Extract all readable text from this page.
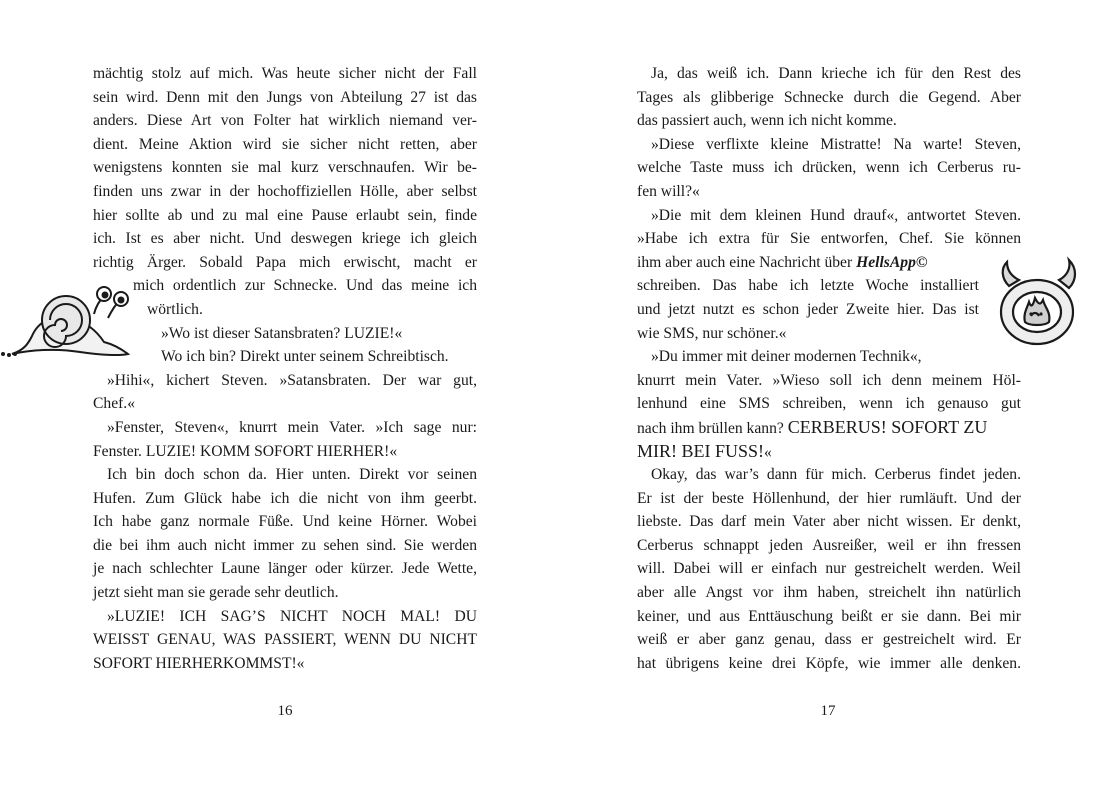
mächtig stolz auf mich. Was heute sicher nicht der Fall
sein wird. Denn mit den Jungs von Abteilung 27 ist das
anders. Diese Art von Folter hat wirklich niemand ver-
dient. Meine Aktion wird sie sicher nicht retten, aber
wenigstens konnten sie mal kurz verschnaufen. Wir be-
finden uns zwar in der hochoffiziellen Hölle, aber selbst
hier sollte ab und zu mal eine Pause erlaubt sein, finde
ich. Ist es aber nicht. Und deswegen kriege ich gleich
richtig Ärger. Sobald Papa mich erwischt, macht er
mich ordentlich zur Schnecke. Und das meine ich
wörtlich.
»Wo ist dieser Satansbraten? LUZIE!«
Wo ich bin? Direkt unter seinem Schreibtisch.
»Hihi«, kichert Steven. »Satansbraten. Der war gut,
Chef.«
»Fenster, Steven«, knurrt mein Vater. »Ich sage nur:
Fenster. LUZIE! KOMM SOFORT HIERHER!«
Ich bin doch schon da. Hier unten. Direkt vor seinen
Hufen. Zum Glück habe ich die nicht von ihm geerbt.
Ich habe ganz normale Füße. Und keine Hörner. Wobei
die bei ihm auch nicht immer zu sehen sind. Sie werden
je nach schlechter Laune länger oder kürzer. Jede Wette,
jetzt sieht man sie gerade sehr deutlich.
»LUZIE! ICH SAG’S NICHT NOCH MAL! DU
WEISST GENAU, WAS PASSIERT, WENN DU NICHT
SOFORT HIERHERKOMMST!«
Ja, das weiß ich. Dann krieche ich für den Rest des
Tages als glibberige Schnecke durch die Gegend. Aber
das passiert auch, wenn ich nicht komme.
»Diese verflixte kleine Mistratte! Na warte! Steven,
welche Taste muss ich drücken, wenn ich Cerberus ru-
fen will?«
»Die mit dem kleinen Hund drauf«, antwortet Steven.
»Habe ich extra für Sie entworfen, Chef. Sie können
ihm aber auch eine Nachricht über HellsApp©
schreiben. Das habe ich letzte Woche installiert
und jetzt nutzt es schon jeder Zweite hier. Das ist
wie SMS, nur schöner.«
»Du immer mit deiner modernen Technik«,
knurrt mein Vater. »Wieso soll ich denn meinem Höl-
lenhund eine SMS schreiben, wenn ich genauso gut
nach ihm brüllen kann? CERBERUS! SOFORT ZU
MIR! BEI FUSS!«
Okay, das war’s dann für mich. Cerberus findet jeden.
Er ist der beste Höllenhund, der hier rumläuft. Und der
liebste. Das darf mein Vater aber nicht wissen. Er denkt,
Cerberus schnappt jeden Ausreißer, weil er ihn fressen
will. Dabei will er einfach nur gestreichelt werden. Weil
aber alle Angst vor ihm haben, streichelt ihn natürlich
keiner, und aus Enttäuschung beißt er sie dann. Bei mir
weiß er aber ganz genau, dass er gestreichelt wird. Er
hat übrigens keine drei Köpfe, wie immer alle denken.
16	17
